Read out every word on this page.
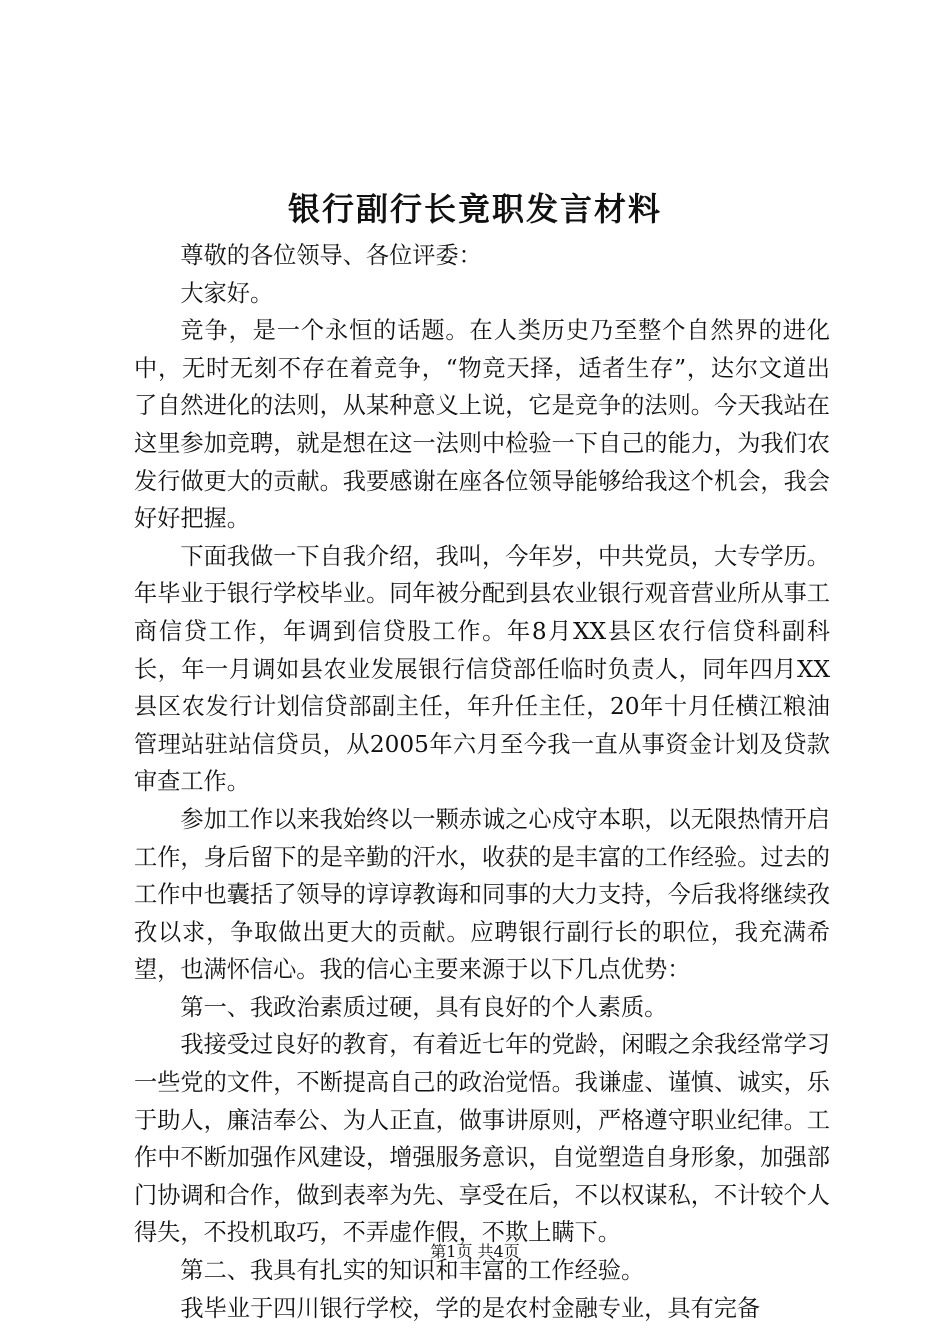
银行副行长竟职发言材料

尊敬的各位领导、各位评委：

大家好。

竞争，是一个永恒的话题。在人类历史乃至整个自然界的进化中，无时无刻不存在着竞争，“物竞天择，适者生存”，达尔文道出了自然进化的法则，从某种意义上说，它是竞争的法则。今天我站在这里参加竞聘，就是想在这一法则中检验一下自己的能力，为我们农发行做更大的贡献。我要感谢在座各位领导能够给我这个机会，我会好好把握。

下面我做一下自我介绍，我叫，今年岁，中共党员，大专学历。年毕业于银行学校毕业。同年被分配到县农业银行观音营业所从事工商信贷工作，年调到信贷股工作。年8月XX县区农行信贷科副科长，年一月调如县农业发展银行信贷部任临时负责人，同年四月XX县区农发行计划信贷部副主任，年升任主任，20年十月任横江粮油管理站驻站信贷员，从2005年六月至今我一直从事资金计划及贷款审查工作。

参加工作以来我始终以一颗赤诚之心戍守本职，以无限热情开启工作，身后留下的是辛勤的汗水，收获的是丰富的工作经验。过去的工作中也囊括了领导的谆谆教诲和同事的大力支持，今后我将继续孜孜以求，争取做出更大的贡献。应聘银行副行长的职位，我充满希望，也满怀信心。我的信心主要来源于以下几点优势：

第一、我政治素质过硬，具有良好的个人素质。

我接受过良好的教育，有着近七年的党龄，闲暇之余我经常学习一些党的文件，不断提高自己的政治觉悟。我谦虚、谨慎、诚实，乐于助人，廉洁奉公、为人正直，做事讲原则，严格遵守职业纪律。工作中不断加强作风建设，增强服务意识，自觉塑造自身形象，加强部门协调和合作，做到表率为先、享受在后，不以权谋私，不计较个人得失，不投机取巧，不弄虚作假，不欺上瞒下。

第二、我具有扎实的知识和丰富的工作经验。

我毕业于四川银行学校，学的是农村金融专业，具有完备

第1页 共4页
